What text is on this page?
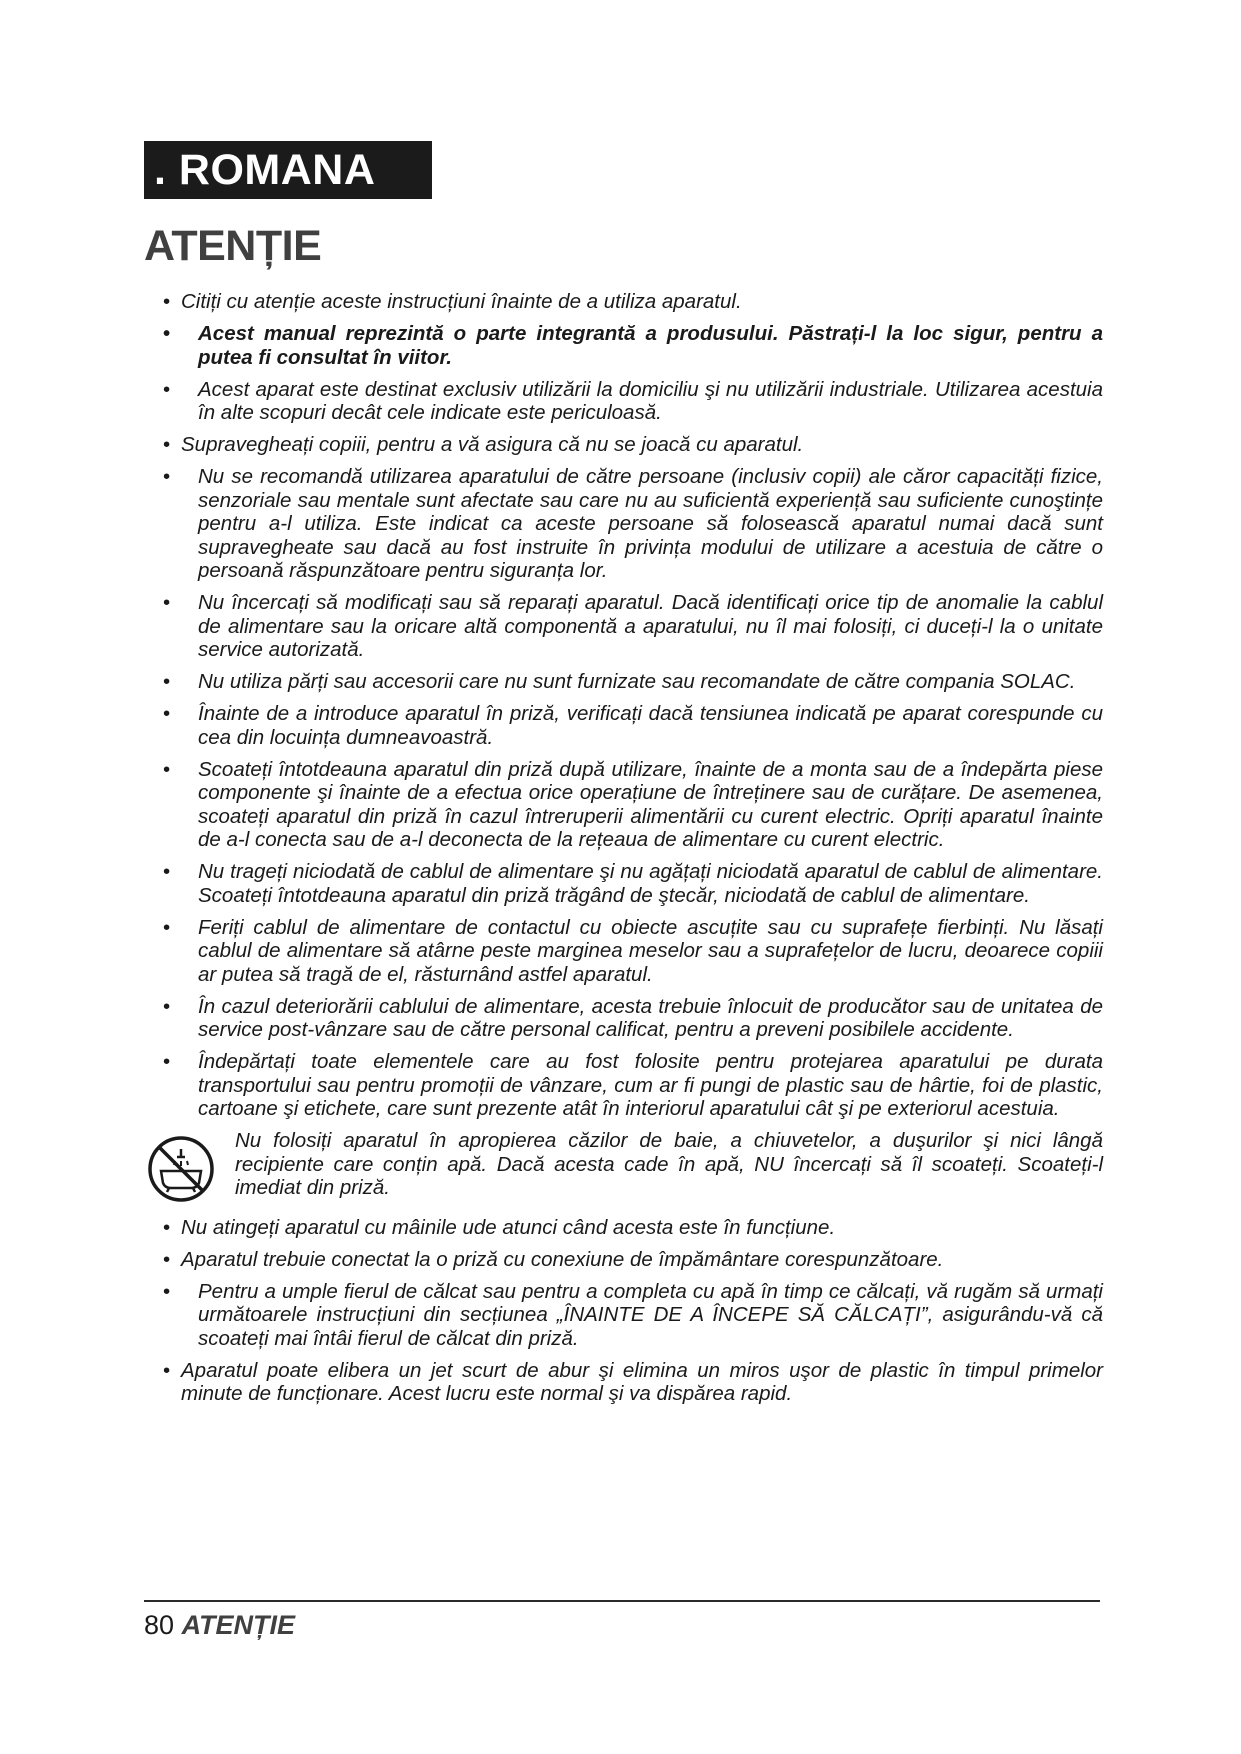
. ROMANA
ATENȚIE
• Citiți cu atenție aceste instrucțiuni înainte de a utiliza aparatul.
• Acest manual reprezintă o parte integrantă a produsului. Păstrați-l la loc sigur, pentru a putea fi consultat în viitor.
• Acest aparat este destinat exclusiv utilizării la domiciliu şi nu utilizării industriale. Utilizarea acestuia în alte scopuri decât cele indicate este periculoasă.
• Supravegheați copiii, pentru a vă asigura că nu se joacă cu aparatul.
• Nu se recomandă utilizarea aparatului de către persoane (inclusiv copii) ale căror capacități fizice, senzoriale sau mentale sunt afectate sau care nu au suficientă experiență sau suficiente cunoştințe pentru a-l utiliza. Este indicat ca aceste persoane să folosească aparatul numai dacă sunt supravegheate sau dacă au fost instruite în privința modului de utilizare a acestuia de către o persoană răspunzătoare pentru siguranța lor.
• Nu încercați să modificați sau să reparați aparatul. Dacă identificați orice tip de anomalie la cablul de alimentare sau la oricare altă componentă a aparatului, nu îl mai folosiți, ci duceți-l la o unitate service autorizată.
• Nu utiliza părți sau accesorii care nu sunt furnizate sau recomandate de către compania SOLAC.
• Înainte de a introduce aparatul în priză, verificați dacă tensiunea indicată pe aparat corespunde cu cea din locuința dumneavoastră.
• Scoateți întotdeauna aparatul din priză după utilizare, înainte de a monta sau de a îndepărta piese componente şi înainte de a efectua orice operațiune de întreținere sau de curățare. De asemenea, scoateți aparatul din priză în cazul întreruperii alimentării cu curent electric. Opriți aparatul înainte de a-l conecta sau de a-l deconecta de la rețeaua de alimentare cu curent electric.
• Nu trageți niciodată de cablul de alimentare şi nu agățați niciodată aparatul de cablul de alimentare. Scoateți întotdeauna aparatul din priză trăgând de ştecăr, niciodată de cablul de alimentare.
• Feriți cablul de alimentare de contactul cu obiecte ascuțite sau cu suprafețe fierbinți. Nu lăsați cablul de alimentare să atârne peste marginea meselor sau a suprafețelor de lucru, deoarece copiii ar putea să tragă de el, răsturnând astfel aparatul.
• În cazul deteriorării cablului de alimentare, acesta trebuie înlocuit de producător sau de unitatea de service post-vânzare sau de către personal calificat, pentru a preveni posibilele accidente.
• Îndepărtați toate elementele care au fost folosite pentru protejarea aparatului pe durata transportului sau pentru promoții de vânzare, cum ar fi pungi de plastic sau de hârtie, foi de plastic, cartoane şi etichete, care sunt prezente atât în interiorul aparatului cât şi pe exteriorul acestuia.
Nu folosiți aparatul în apropierea căzilor de baie, a chiuvetelor, a duşurilor şi nici lângă recipiente care conțin apă. Dacă acesta cade în apă, NU încercați să îl scoateți. Scoateți-l imediat din priză.
• Nu atingeți aparatul cu mâinile ude atunci când acesta este în funcțiune.
• Aparatul trebuie conectat la o priză cu conexiune de împământare corespunzătoare.
• Pentru a umple fierul de călcat sau pentru a completa cu apă în timp ce călcați, vă rugăm să urmați următoarele instrucțiuni din secțiunea „ÎNAINTE DE A ÎNCEPE SĂ CĂLCAȚI”, asigurându-vă că scoateți mai întâi fierul de călcat din priză.
• Aparatul poate elibera un jet scurt de abur şi elimina un miros uşor de plastic în timpul primelor minute de funcționare. Acest lucru este normal şi va dispărea rapid.
80 ATENȚIE
